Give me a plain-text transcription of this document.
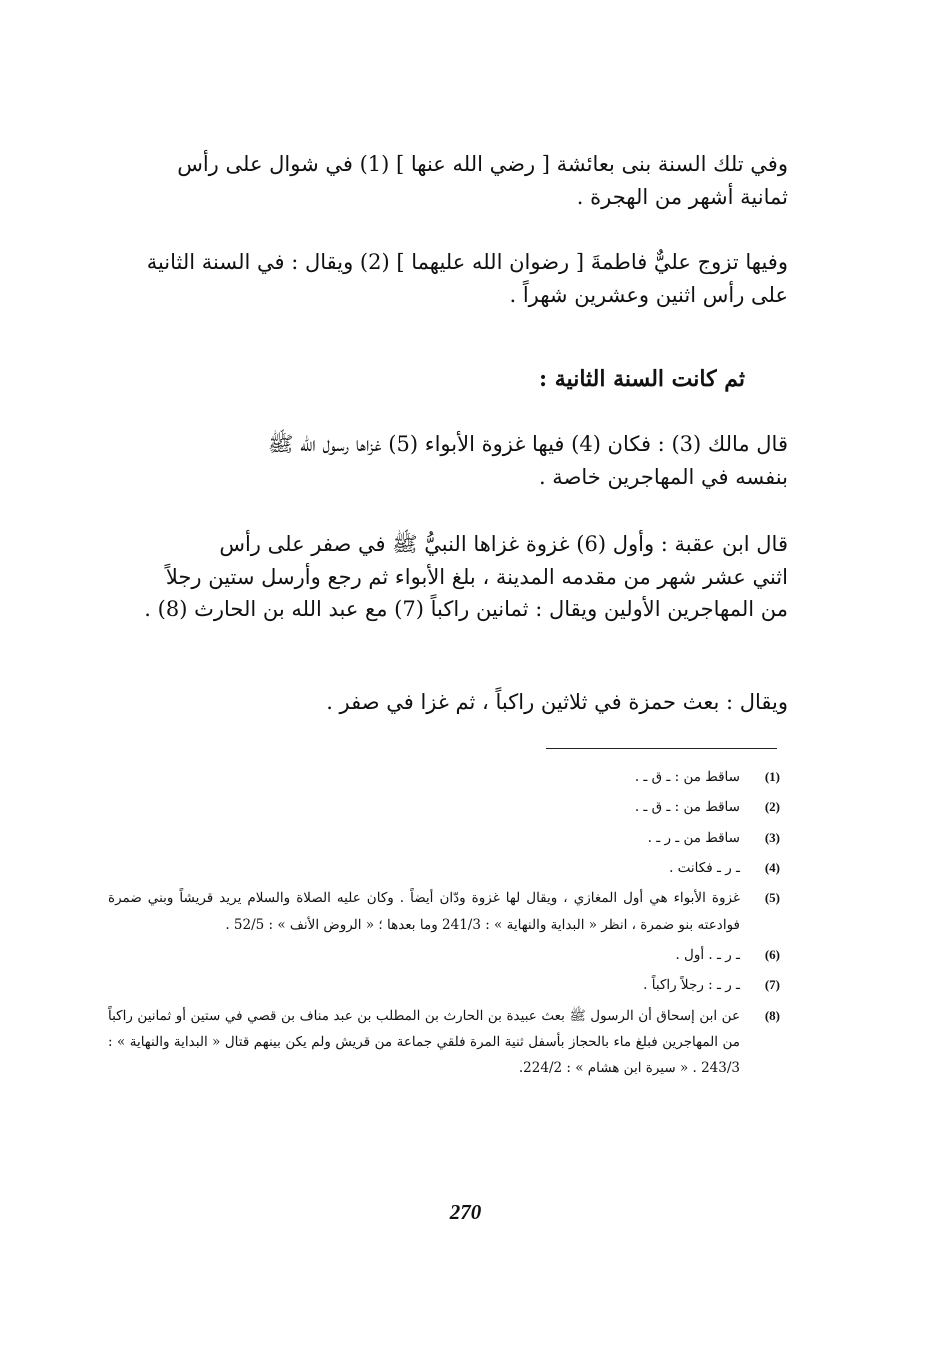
وفي تلك السنة بنى بعائشة [ رضي الله عنها ] (1) في شوال على رأس
ثمانية أشهر من الهجرة .
وفيها تزوج عليٌّ فاطمةَ [ رضوان الله عليهما ] (2) ويقال : في السنة الثانية
على رأس اثنين وعشرين شهراً .
ثم كانت السنة الثانية :
قال مالك (3) : فكان (4) فيها غزوة الأبواء (5) غزاها رسول الله ﷺ
بنفسه في المهاجرين خاصة .
قال ابن عقبة : وأول (6) غزوة غزاها النبيُّ ﷺ في صفر على رأس
اثني عشر شهر من مقدمه المدينة ، بلغ الأبواء ثم رجع وأرسل ستين رجلاً
من المهاجرين الأولين ويقال : ثمانين راكباً (7) مع عبد الله بن الحارث (8) .
ويقال : بعث حمزة في ثلاثين راكباً ، ثم غزا في صفر .
(1)
ساقط من : ـ ق ـ .
(2)
ساقط من : ـ ق ـ .
(3)
ساقط من ـ ر ـ .
(4)
ـ ر ـ فكانت .
(5)
غزوة الأبواء هي أول المغازي ، ويقال لها غزوة ودّان أيضاً . وكان عليه الصلاة والسلام يريد قريشاً وبني ضمرة فوادعته بنو ضمرة ، انظر « البداية والنهاية » : 241/3 وما بعدها ؛ « الروض الأنف » : 52/5 .
(6)
ـ ر ـ . أول .
(7)
ـ ر ـ : رجلاً راكباً .
(8)
عن ابن إسحاق أن الرسول ﷺ بعث عبيدة بن الحارث بن المطلب بن عبد مناف بن قصي في ستين أو ثمانين راكباً من المهاجرين فبلغ ماء بالحجاز بأسفل ثنية المرة فلقي جماعة من قريش ولم يكن بينهم قتال « البداية والنهاية » : 243/3 . « سيرة ابن هشام » : 224/2.
270
